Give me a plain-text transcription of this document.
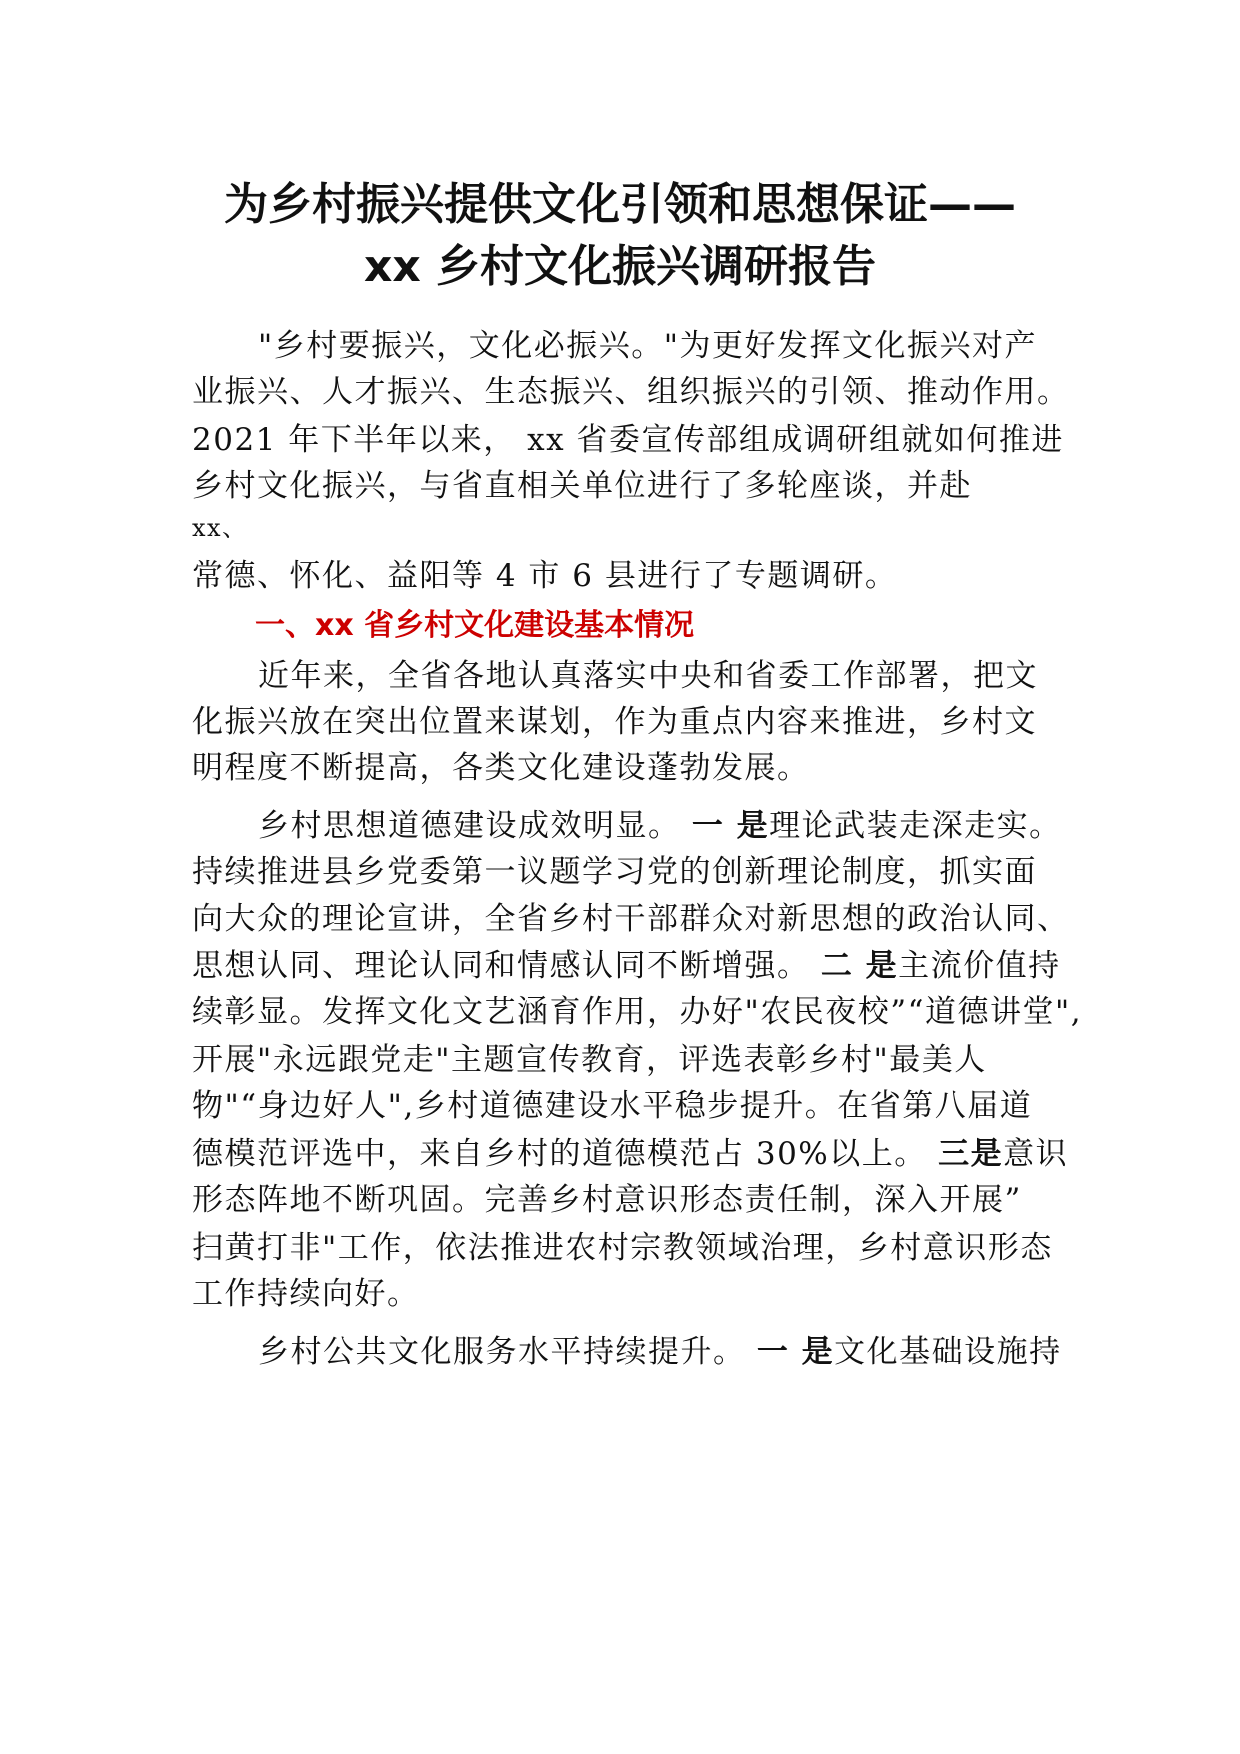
为乡村振兴提供文化引领和思想保证——
xx 乡村文化振兴调研报告
"乡村要振兴，文化必振兴。"为更好发挥文化振兴对产
业振兴、人才振兴、生态振兴、组织振兴的引领、推动作用。
2021 年下半年以来， xx 省委宣传部组成调研组就如何推进
乡村文化振兴，与省直相关单位进行了多轮座谈，并赴
xx、
常德、怀化、益阳等 4 市 6 县进行了专题调研。
一、xx 省乡村文化建设基本情况
近年来，全省各地认真落实中央和省委工作部署，把文
化振兴放在突出位置来谋划，作为重点内容来推进，乡村文
明程度不断提高，各类文化建设蓬勃发展。
乡村思想道德建设成效明显。 一 是理论武装走深走实。
持续推进县乡党委第一议题学习党的创新理论制度，抓实面
向大众的理论宣讲，全省乡村干部群众对新思想的政治认同、
思想认同、理论认同和情感认同不断增强。 二 是主流价值持
续彰显。发挥文化文艺涵育作用，办好"农民夜校”“道德讲堂",
开展"永远跟党走"主题宣传教育，评选表彰乡村"最美人
物"“身边好人",乡村道德建设水平稳步提升。在省第八届道
德模范评选中，来自乡村的道德模范占 30%以上。 三是意识
形态阵地不断巩固。完善乡村意识形态责任制，深入开展”
扫黄打非"工作，依法推进农村宗教领域治理，乡村意识形态
工作持续向好。
乡村公共文化服务水平持续提升。 一 是文化基础设施持
